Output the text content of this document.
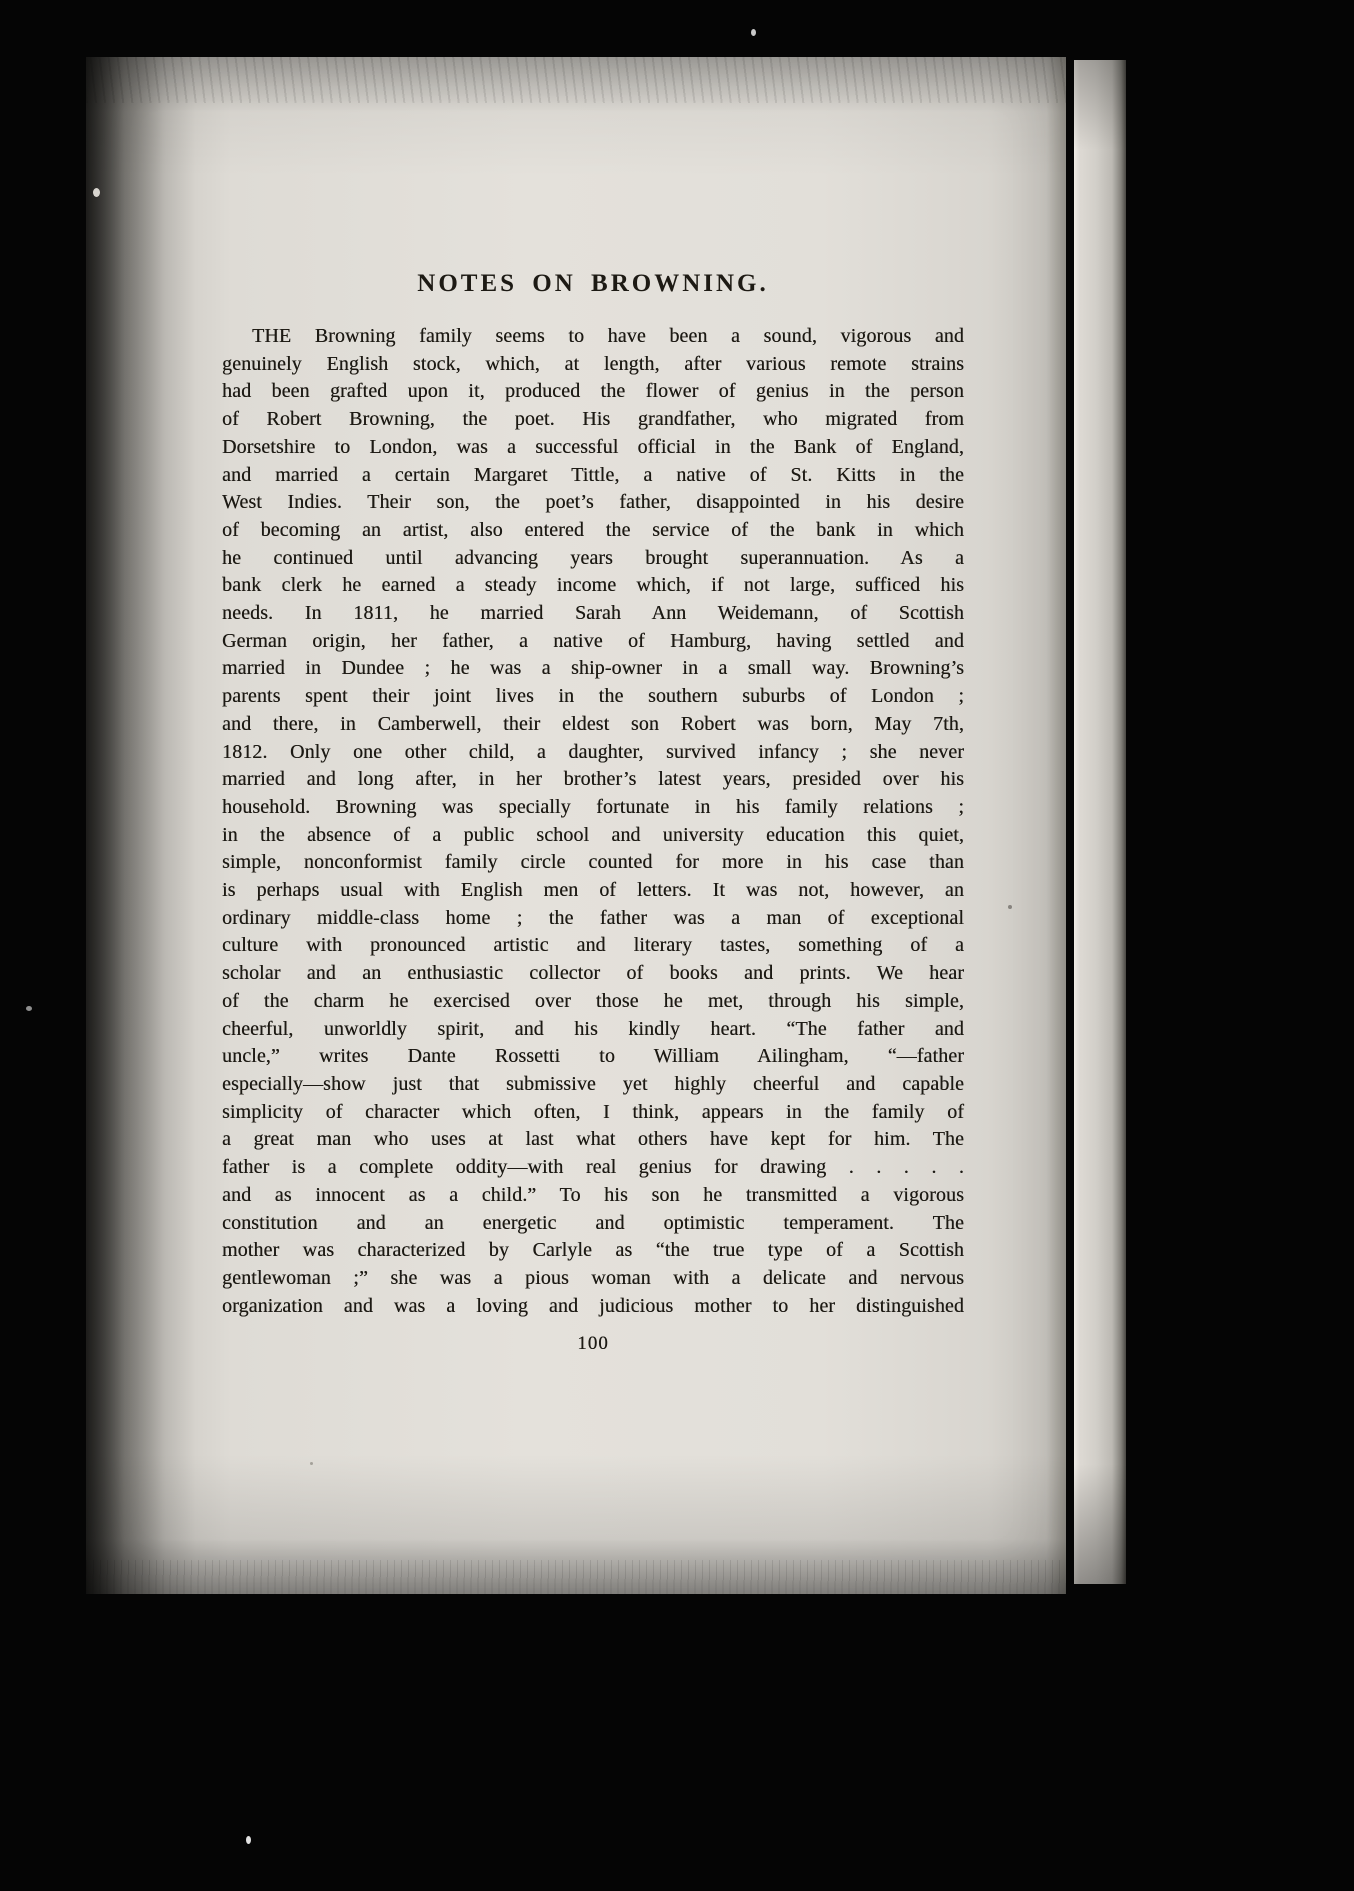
NOTES ON BROWNING.
THE Browning family seems to have been a sound, vigorous and
genuinely English stock, which, at length, after various remote strains
had been grafted upon it, produced the flower of genius in the person
of Robert Browning, the poet. His grandfather, who migrated from
Dorsetshire to London, was a successful official in the Bank of England,
and married a certain Margaret Tittle, a native of St. Kitts in the
West Indies. Their son, the poet’s father, disappointed in his desire
of becoming an artist, also entered the service of the bank in which
he continued until advancing years brought superannuation. As a
bank clerk he earned a steady income which, if not large, sufficed his
needs. In 1811, he married Sarah Ann Weidemann, of Scottish
German origin, her father, a native of Hamburg, having settled and
married in Dundee ; he was a ship-owner in a small way. Browning’s
parents spent their joint lives in the southern suburbs of London ;
and there, in Camberwell, their eldest son Robert was born, May 7th,
1812. Only one other child, a daughter, survived infancy ; she never
married and long after, in her brother’s latest years, presided over his
household. Browning was specially fortunate in his family relations ;
in the absence of a public school and university education this quiet,
simple, nonconformist family circle counted for more in his case than
is perhaps usual with English men of letters. It was not, however, an
ordinary middle-class home ; the father was a man of exceptional
culture with pronounced artistic and literary tastes, something of a
scholar and an enthusiastic collector of books and prints. We hear
of the charm he exercised over those he met, through his simple,
cheerful, unworldly spirit, and his kindly heart. “The father and
uncle,” writes Dante Rossetti to William Ailingham, “—father
especially—show just that submissive yet highly cheerful and capable
simplicity of character which often, I think, appears in the family of
a great man who uses at last what others have kept for him. The
father is a complete oddity—with real genius for drawing . . . . .
and as innocent as a child.” To his son he transmitted a vigorous
constitution and an energetic and optimistic temperament. The
mother was characterized by Carlyle as “the true type of a Scottish
gentlewoman ;” she was a pious woman with a delicate and nervous
organization and was a loving and judicious mother to her distinguished
100
